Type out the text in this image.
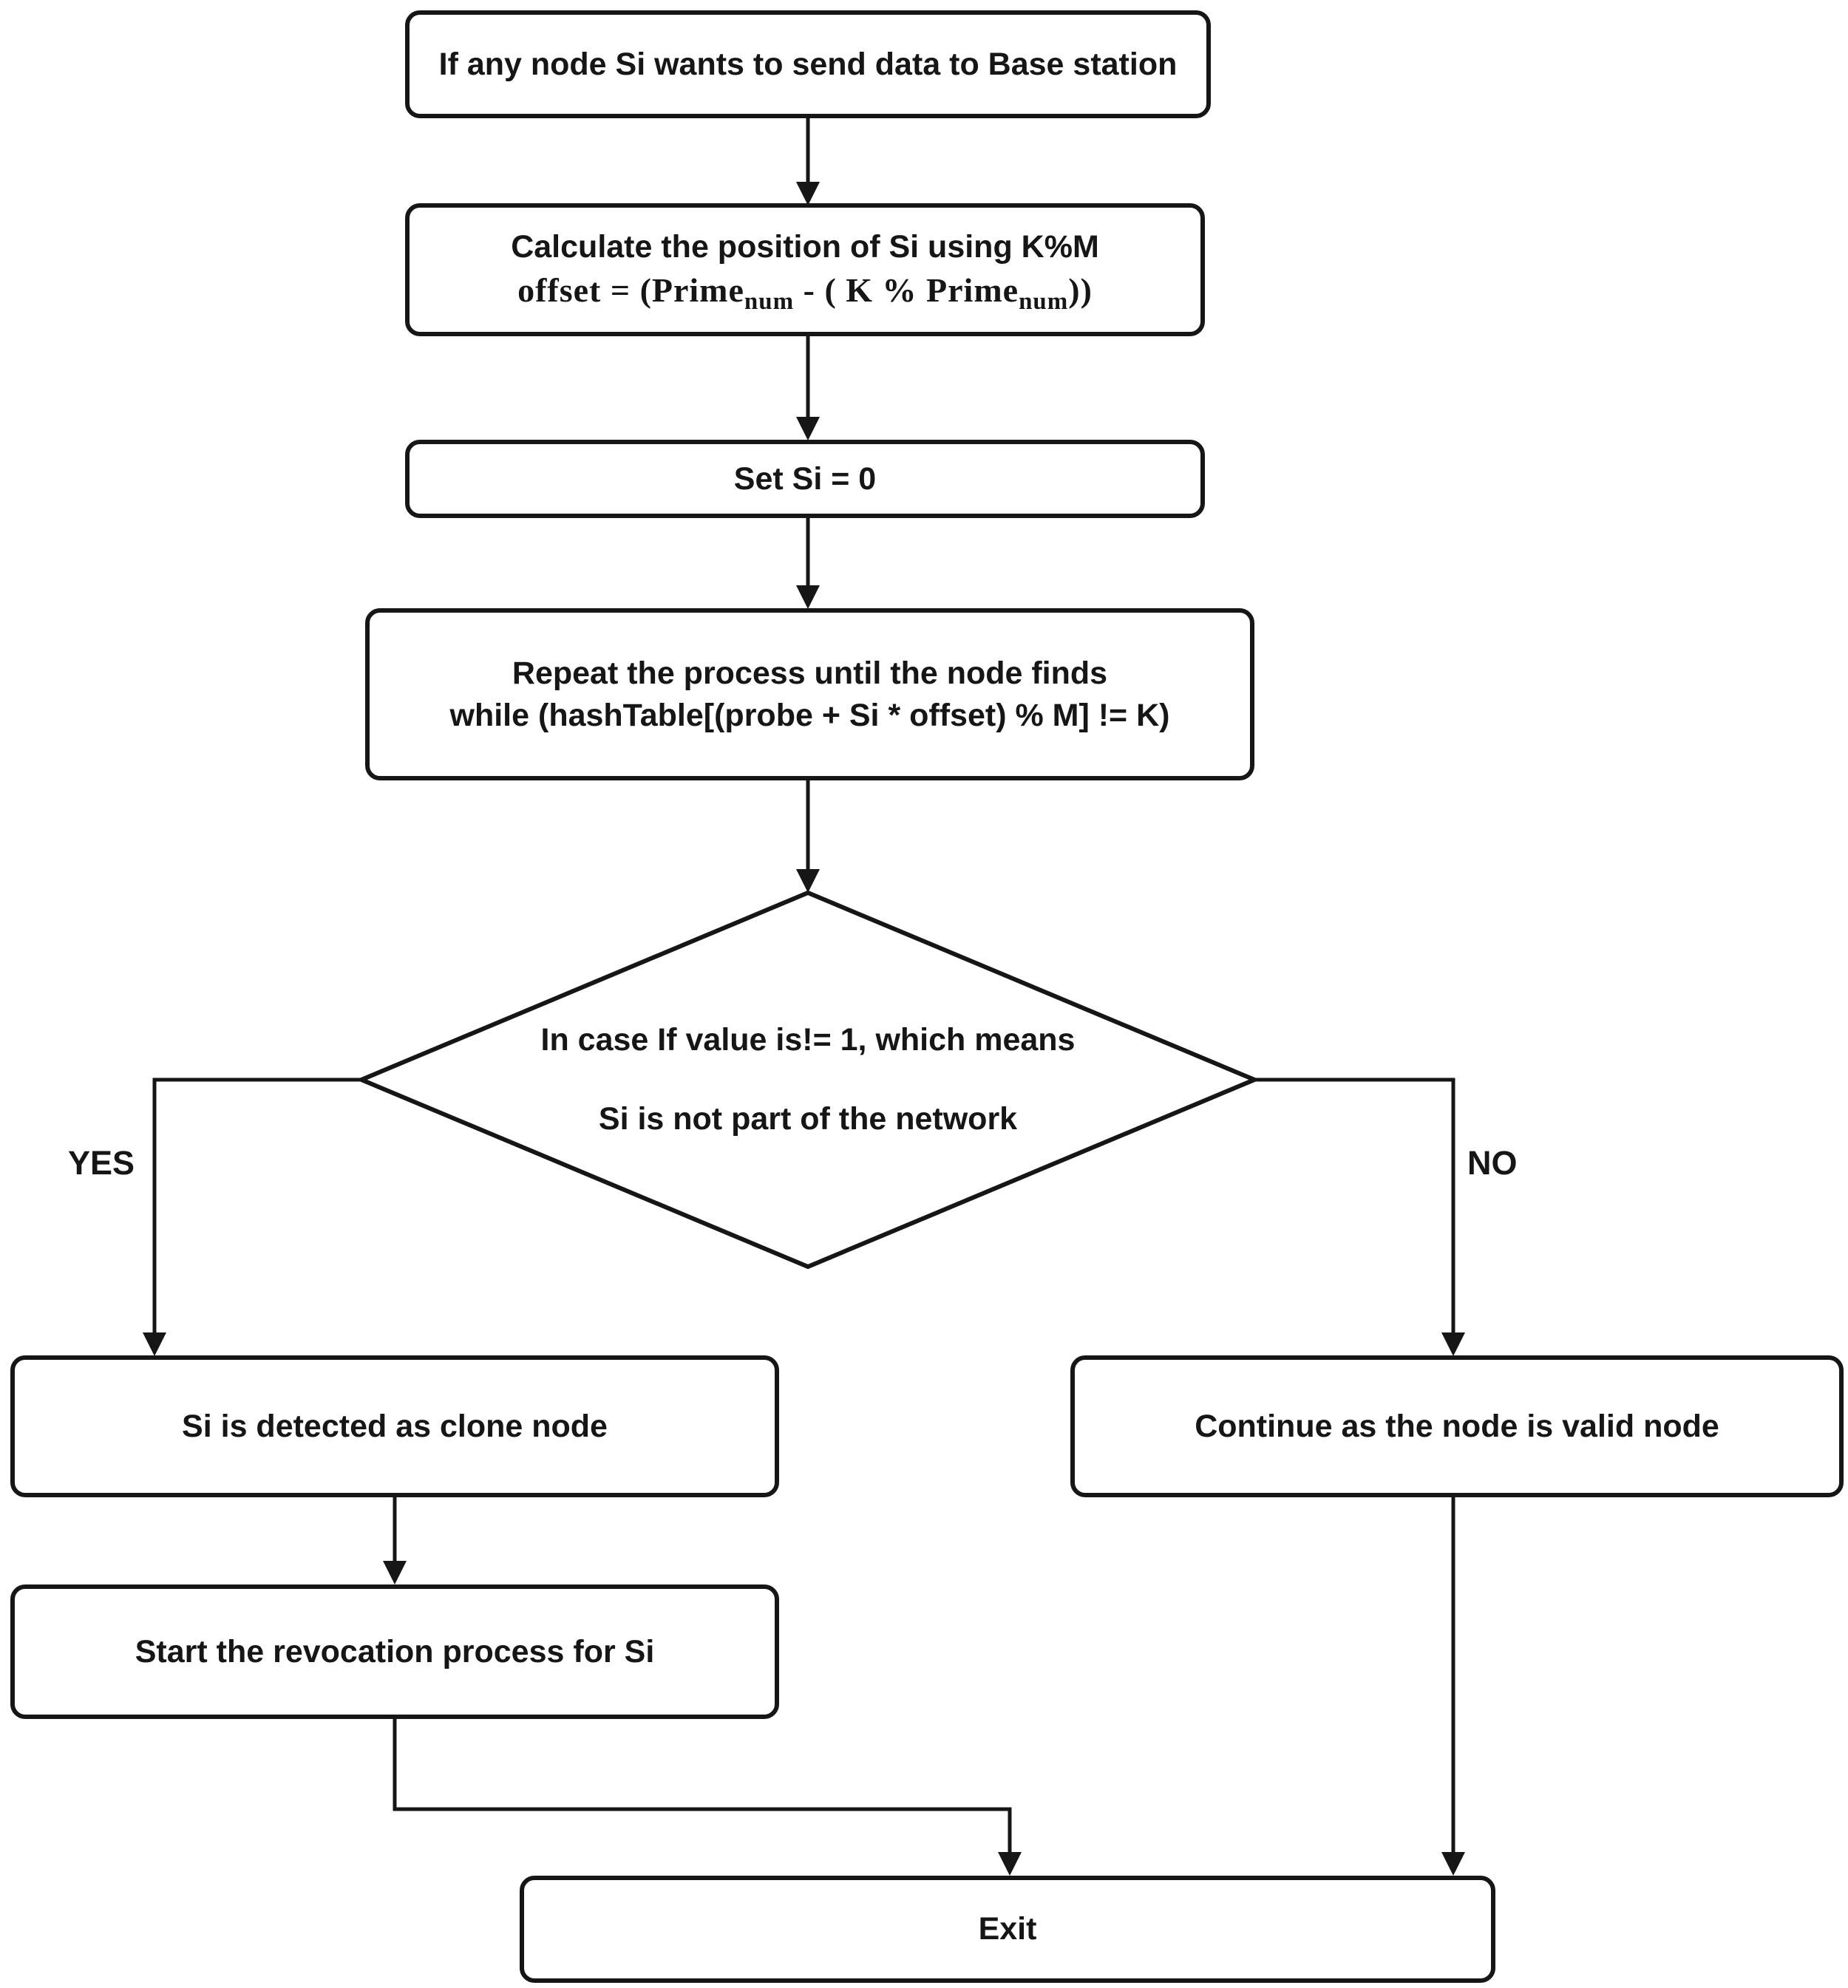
If any node Si wants to send data to Base station
Calculate the position of Si using K%M
offset = (Prime$_{num}$ - ( K % Prime$_{num}$))
Set Si = 0
Repeat the process until the node finds
while (hashTable[(probe + Si * offset) % M] != K)
In case If value is!= 1, which means
Si is not part of the network
YES	NO
Si is detected as clone node	Continue as the node is valid node
Start the revocation process for Si
Exit
